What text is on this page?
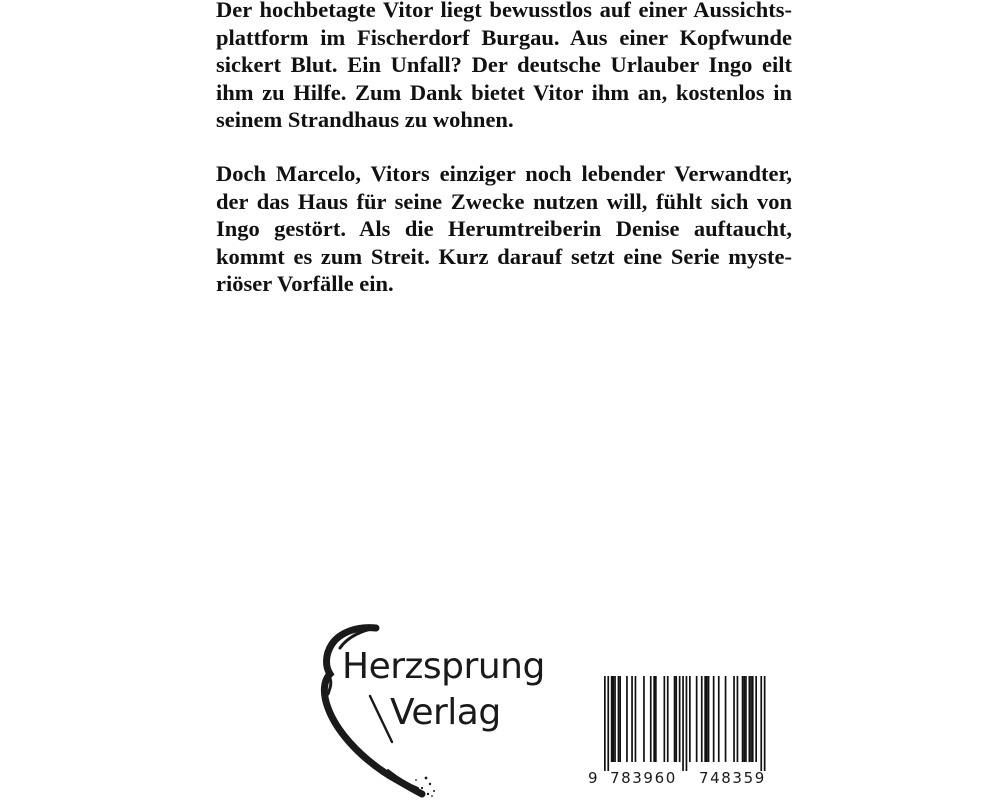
Der hochbetagte Vitor liegt bewusstlos auf einer Aussichts-
plattform im Fischerdorf Burgau. Aus einer Kopfwunde
sickert Blut. Ein Unfall? Der deutsche Urlauber Ingo eilt
ihm zu Hilfe. Zum Dank bietet Vitor ihm an, kostenlos in
seinem Strandhaus zu wohnen.
Doch Marcelo, Vitors einziger noch lebender Verwandter,
der das Haus für seine Zwecke nutzen will, fühlt sich von
Ingo gestört. Als die Herumtreiberin Denise auftaucht,
kommt es zum Streit. Kurz darauf setzt eine Serie myste-
riöser Vorfälle ein.
Herzsprung
Verlag
9 783960 748359
